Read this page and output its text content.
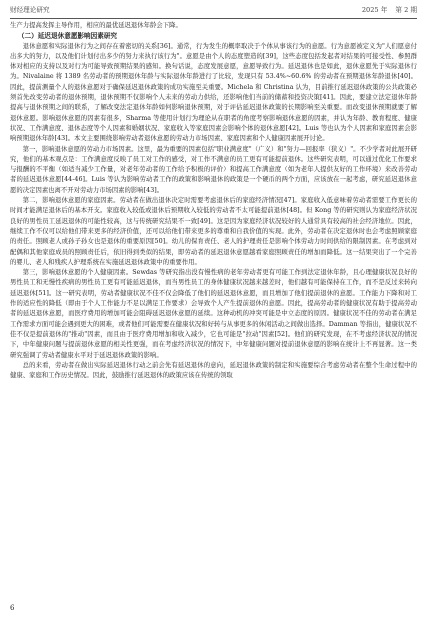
财经理论研究	2025 年 第 2 期

生产力提高发挥主导作用，相应的最优延迟退休年龄会下降。

（二）延迟退休意愿影响因素研究

退休意愿和实际退休行为之间存在着密切的关系[36]。通常，行为发生的概率取决于个体从事该行为的意愿。行为意愿被定义为"人们愿意付出多大的努力，以及他们计划付出多少的努力来执行该行为"。意愿是由个人的态度塑造的[39]，这些态度包括发起者对结果的可接受性、参照群体对相应的支持以及对行为可能导致预期结果的感知。换句话说，态度发展意愿，意愿导致行为。延迟退休也是如此，退休意愿先于实际退休行为。Nivalaine 将 1389 名劳动者的预期退休年龄与实际退休年龄进行了比较，发现只有 53.4%~60.6% 的劳动者在预期退休年龄退休[40]。因此，提前测量个人的退休意愿对于确保延迟退休政策的成功实施至关重要。Michela 和 Christina 认为，目前推行延迟退休政策的公共政策必须首先改变劳动者的退休预期，退休预期不仅影响个人未来的劳动力供给，还影响他们当前的储蓄和投资决策[41]。因此，要建立法定退休年龄提高与退休预期之间的联系，了解改变法定退休年龄如何影响退休预期，对于评估延迟退休政策的长期影响至关重要。而改变退休预期就要了解退休意愿。影响退休意愿的因素有很多，Sharma 等使用计划行为理论从在职者的角度考察影响退休意愿的因素，并认为年龄、教育程度、健康状况、工作满意度、退休态度等个人因素和婚姻状况、家庭收入等家庭因素会影响个体的退休意愿[42]。Luis 等也认为个人因素和家庭因素会影响预期退休年龄[43]。本文主要围绕影响劳动者退休意愿的劳动力市场因素、家庭因素和个人健康因素展开讨论。

第一，影响退休意愿的劳动力市场因素。这里，最为重要的因素包括"职业满意度"（广义）和"努力—回报率（狭义）"。不少学者对此展开研究，他们的基本观点是：工作满意度反映了员工对工作的感受，对工作不满意的员工更有可能提前退休。这些研究表明，可以通过优化工作要求与报酬的不平衡（如适当减少工作量，对老年劳动者的工作给予积极的评价）和提高工作满意度（如为老年人提供友好的工作环境）来改善劳动者的延迟退休意愿[44-46]。Luis 等认为影响劳动者工作的政策和影响退休的政策是一个硬币的两个方面，应该放在一起考虑，研究延迟退休意愿的决定因素也离不开对劳动力市场因素的影响[43]。

第二，影响退休意愿的家庭因素。劳动者在做出退休决定时需要考虑退休后的家庭经济情况[47]。家庭收入低意味着劳动者需要工作更长的时间才能满足退休后的基本开支。家庭收入较低或退休后预期收入较低的劳动者不太可能提前退休[48]。但 Kong 等的研究则认为家庭经济状况良好的男性员工延迟退休的可能性较高，这与传统研究结果不一致[49]。这是因为家庭经济状况较好的人通常具有较高的社会经济地位。因此，继续工作不仅可以给他们带来更多的经济价值，还可以给他们带来更多的尊重和自我价值的实现。此外，劳动者在决定退休时也会考虑照顾家庭的责任。照顾老人或孙子孙女也是退休的重要原因[50]。幼儿的保育责任、老人的护理责任是影响个体劳动力时间供给的限制因素。在考虑到对配偶和其他家庭成员的照顾责任后，依旧得到类似的结果，即劳动者的延迟退休意愿越看家庭照顾责任的增加而降低。这一结果突出了一个完善的婴儿、老人和残疾人护理系统在实施延迟退休政策中的重要作用。

第三，影响退休意愿的个人健康因素。Sewdas 等研究指出没有慢性病的老年劳动者更有可能工作到法定退休年龄，且心理健康状况良好的男性员工和无慢性疾病的男性员工更有可能延迟退休，而当男性员工的身体健康状况越来越差时，他们越有可能保持在工作，而不是反过来转向延迟退休[51]。这一研究表明，劳动者健康状况不佳不仅会降低了他们的延迟退休意愿，而且增加了他们提前退休的意愿。工作能力下降和对工作的适应性的降低（即由于个人工作能力不足以满足工作要求）会导致个人产生提前退休的意愿。因此，提高劳动者的健康状况有助于提高劳动者的延迟退休意愿，而医疗费用的增加可能会阻碍延迟退休意愿的延续。这种动机的冲突可能是中立态度的原因。健康状况不佳的劳动者在满足工作需求方面可能会遇到更大的困难，或者他们可能需要在健康状况和好转与从事更多的休闲活动之间做出选择。Damman 等指出，健康状况不佳不仅是提前退休的"推动"因素，而且由于医疗费用增加和收入减少，它也可能是"拉动"因素[52]。他们的研究发现，在不考虑经济状况的情况下，中年健康问题与提前退休意愿的相关性更强，而在考虑经济状况的情况下，中年健康问题对提前退休意愿的影响在统计上不再显著。这一类研究强调了劳动者健康水平对于延迟退休政策的影响。

总的来看，劳动者在做出实际延迟退休行动之前会先有延迟退休的意向，延迟退休政策的制定和实施要综合考虑劳动者在整个生命过程中的健康、家庭和工作历史情况。因此，鼓励推行延迟退休的政策应该在传统的领取

6
